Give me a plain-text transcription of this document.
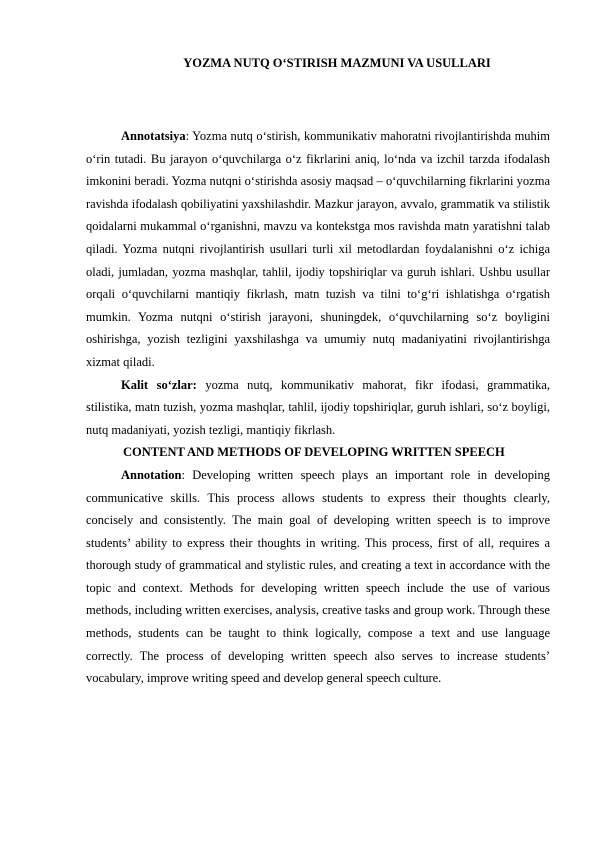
YOZMA NUTQ O‘STIRISH MAZMUNI VA USULLARI

Annotatsiya: Yozma nutq o‘stirish, kommunikativ mahoratni rivojlantirishda muhim o‘rin tutadi. Bu jarayon o‘quvchilarga o‘z fikrlarini aniq, lo‘nda va izchil tarzda ifodalash imkonini beradi. Yozma nutqni o‘stirishda asosiy maqsad – o‘quvchilarning fikrlarini yozma ravishda ifodalash qobiliyatini yaxshilashdir. Mazkur jarayon, avvalo, grammatik va stilistik qoidalarni mukammal o‘rganishni, mavzu va kontekstga mos ravishda matn yaratishni talab qiladi. Yozma nutqni rivojlantirish usullari turli xil metodlardan foydalanishni o‘z ichiga oladi, jumladan, yozma mashqlar, tahlil, ijodiy topshiriqlar va guruh ishlari. Ushbu usullar orqali o‘quvchilarni mantiqiy fikrlash, matn tuzish va tilni to‘g‘ri ishlatishga o‘rgatish mumkin. Yozma nutqni o‘stirish jarayoni, shuningdek, o‘quvchilarning so‘z boyligini oshirishga, yozish tezligini yaxshilashga va umumiy nutq madaniyatini rivojlantirishga xizmat qiladi.

Kalit so‘zlar: yozma nutq, kommunikativ mahorat, fikr ifodasi, grammatika, stilistika, matn tuzish, yozma mashqlar, tahlil, ijodiy topshiriqlar, guruh ishlari, so‘z boyligi, nutq madaniyati, yozish tezligi, mantiqiy fikrlash.

CONTENT AND METHODS OF DEVELOPING WRITTEN SPEECH

Annotation: Developing written speech plays an important role in developing communicative skills. This process allows students to express their thoughts clearly, concisely and consistently. The main goal of developing written speech is to improve students’ ability to express their thoughts in writing. This process, first of all, requires a thorough study of grammatical and stylistic rules, and creating a text in accordance with the topic and context. Methods for developing written speech include the use of various methods, including written exercises, analysis, creative tasks and group work. Through these methods, students can be taught to think logically, compose a text and use language correctly. The process of developing written speech also serves to increase students’ vocabulary, improve writing speed and develop general speech culture.
